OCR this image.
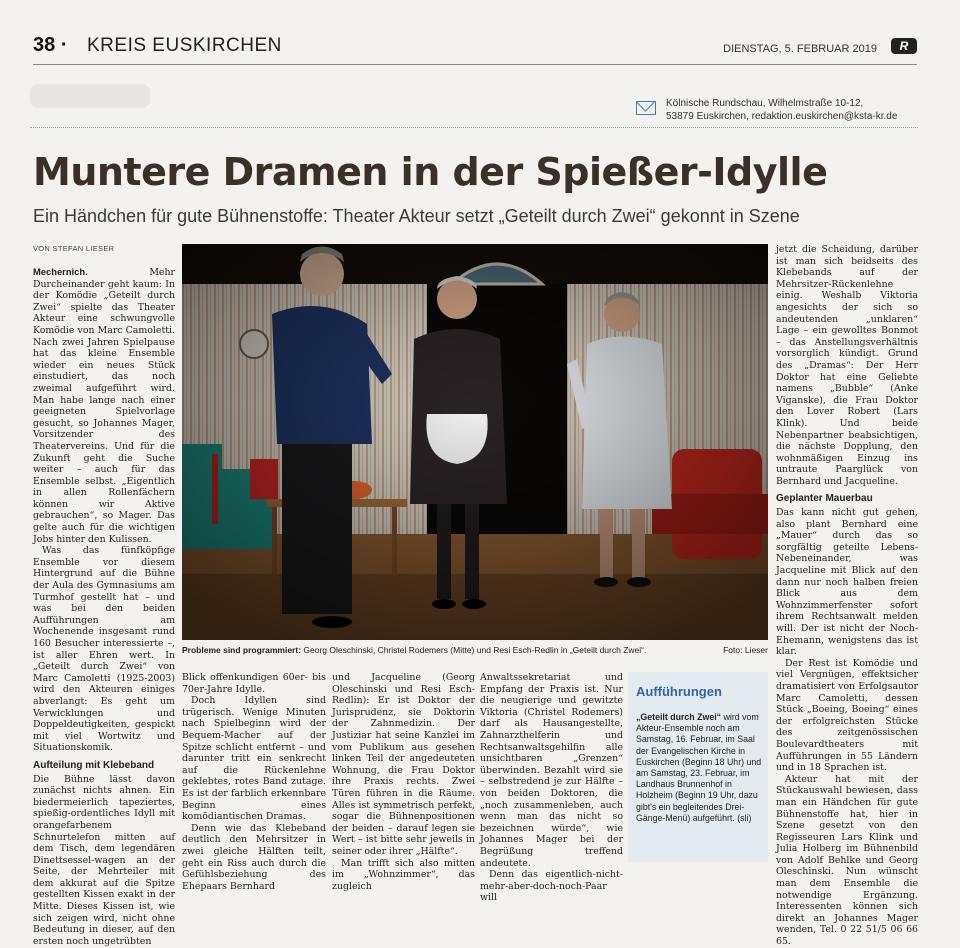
38 · KREIS EUSKIRCHEN	DIENSTAG, 5. FEBRUAR 2019	R
Kölnische Rundschau, Wilhelmstraße 10-12,
53879 Euskirchen, redaktion.euskirchen@ksta-kr.de
Muntere Dramen in der Spießer-Idylle
Ein Händchen für gute Bühnenstoffe: Theater Akteur setzt „Geteilt durch Zwei“ gekonnt in Szene
VON STEFAN LIESER

Mechernich.	Mehr Durcheinander geht kaum: In der Komödie „Geteilt durch Zwei“ spielte das Theater Akteur eine schwungvolle Komödie von Marc Camoletti. Nach zwei Jahren Spielpause hat das kleine Ensemble wieder ein neues Stück einstudiert, das noch zweimal aufgeführt wird. Man habe lange nach einer geeigneten Spielvorlage gesucht, so Johannes Mager, Vorsitzender des Theatervereins. Und für die Zukunft geht die Suche weiter – auch für das Ensemble selbst. „Eigentlich in allen Rollenfächern können wir Aktive gebrauchen“, so Mager. Das gelte auch für die wichtigen Jobs hinter den Kulissen.

Was das fünfköpfige Ensemble vor diesem Hintergrund auf die Bühne der Aula des Gymnasiums am Turmhof gestellt hat – und was bei den beiden Aufführungen am Wochenende insgesamt rund 160 Besucher interessierte –, ist aller Ehren wert. In „Geteilt durch Zwei“ von Marc Camoletti (1925-2003) wird den Akteuren einiges abverlangt: Es geht um Verwicklungen und Doppeldeutigkeiten, gespickt mit viel Wortwitz und Situationskomik.

Aufteilung mit Klebeband

Die Bühne lässt davon zunächst nichts ahnen. Ein biedermeierlich tapeziertes, spießig-ordentliches Idyll mit orangefarbenem Schnurtelefon mitten auf dem Tisch, dem legendären Dinettsessel-wagen an der Seite, der Mehrteiler mit dem akkurat auf die Spitze gestellten Kissen exakt in der Mitte. Dieses Kissen ist, wie sich zeigen wird, nicht ohne Bedeutung in dieser, auf den ersten noch ungetrübten

Probleme sind programmiert: Georg Oleschinski, Christel Rodemers (Mitte) und Resi Esch-Redlin in „Geteilt durch Zwei“.	Foto: Lieser

Blick offenkundigen 60er- bis 70er-Jahre Idylle.

Doch Idyllen sind trügerisch. Wenige Minuten nach Spielbeginn wird der Bequem-Macher auf der Spitze schlicht entfernt – und darunter tritt ein senkrecht auf die Rückenlehne geklebtes, rotes Band zutage. Es ist der farblich erkennbare Beginn eines komödiantischen Dramas.

Denn wie das Klebeband deutlich den Mehrsitzer in zwei gleiche Hälften teilt, geht ein Riss auch durch die Gefühlsbeziehung des Ehepaars Bernhard

und Jacqueline (Georg Oleschinski und Resi Esch-Redlin): Er ist Doktor der Jurisprudenz, sie Doktorin der Zahnmedizin. Der Justiziar hat seine Kanzlei im vom Publikum aus gesehen linken Teil der angedeuteten Wohnung, die Frau Doktor ihre Praxis rechts. Zwei Türen führen in die Räume. Alles ist symmetrisch perfekt, sogar die Bühnenpositionen der beiden – darauf legen sie Wert – ist bitte sehr jeweils in seiner oder ihrer „Hälfte“.

Man trifft sich also mitten im „Wohnzimmer“, das zugleich

Anwaltssekretariat und Empfang der Praxis ist. Nur die neugierige und gewitzte Viktoria (Christel Rodemers) darf als Hausangestellte, Zahnarzthelferin und Rechtsanwaltsgehilfin alle unsichtbaren „Grenzen“ überwinden. Bezahlt wird sie – selbstredend je zur Hälfte – von beiden Doktoren, die „noch zusammenleben, auch wenn man das nicht so bezeichnen würde“, wie Johannes Mager bei der Begrüßung treffend andeutete.

Denn das eigentlich-nicht-mehr-aber-doch-noch-Paar will

Aufführungen
„Geteilt durch Zwei“ wird vom Akteur-Ensemble noch am Samstag, 16. Februar, im Saal der Evangelischen Kirche in Euskirchen (Beginn 18 Uhr) und am Samstag, 23. Februar, im Landhaus Brunnenhof in Holzheim (Beginn 19 Uhr, dazu gibt's ein begleitendes Drei-Gänge-Menü) aufgeführt. (sli)

jetzt die Scheidung, darüber ist man sich beidseits des Klebebands auf der Mehrsitzer-Rückenlehne einig. Weshalb Viktoria angesichts der sich so andeutenden „unklaren“ Lage – ein gewolltes Bonmot – das Anstellungsverhältnis vorsorglich kündigt. Grund des „Dramas“: Der Herr Doktor hat eine Geliebte namens „Bubble“ (Anke Viganske), die Frau Doktor den Lover Robert (Lars Klink). Und beide Nebenpartner beabsichtigen, die nächste Dopplung, den wohnmäßigen Einzug ins untraute Paarglück von Bernhard und Jacqueline.

Geplanter Mauerbau

Das kann nicht gut gehen, also plant Bernhard eine „Mauer“ durch das so sorgfältig geteilte Lebens-Nebeneinander, was Jacqueline mit Blick auf den dann nur noch halben freien Blick aus dem Wohnzimmerfenster sofort ihrem Rechtsanwalt melden will. Der ist nicht der Noch-Ehemann, wenigstens das ist klar.

Der Rest ist Komödie und viel Vergnügen, effektsicher dramatisiert von Erfolgsautor Marc Camoletti, dessen Stück „Boeing, Boeing“ eines der erfolgreichsten Stücke des zeitgenössischen Boulevardtheaters mit Aufführungen in 55 Ländern und in 18 Sprachen ist.

Akteur hat mit der Stückauswahl bewiesen, dass man ein Händchen für gute Bühnenstoffe hat, hier in Szene gesetzt von den Regisseuren Lars Klink und Julia Holberg im Bühnenbild von Adolf Behlke und Georg Oleschinski. Nun wünscht man dem Ensemble die notwendige Ergänzung. Interessenten können sich direkt an Johannes Mager wenden, Tel. 0 22 51/5 06 66 65.
